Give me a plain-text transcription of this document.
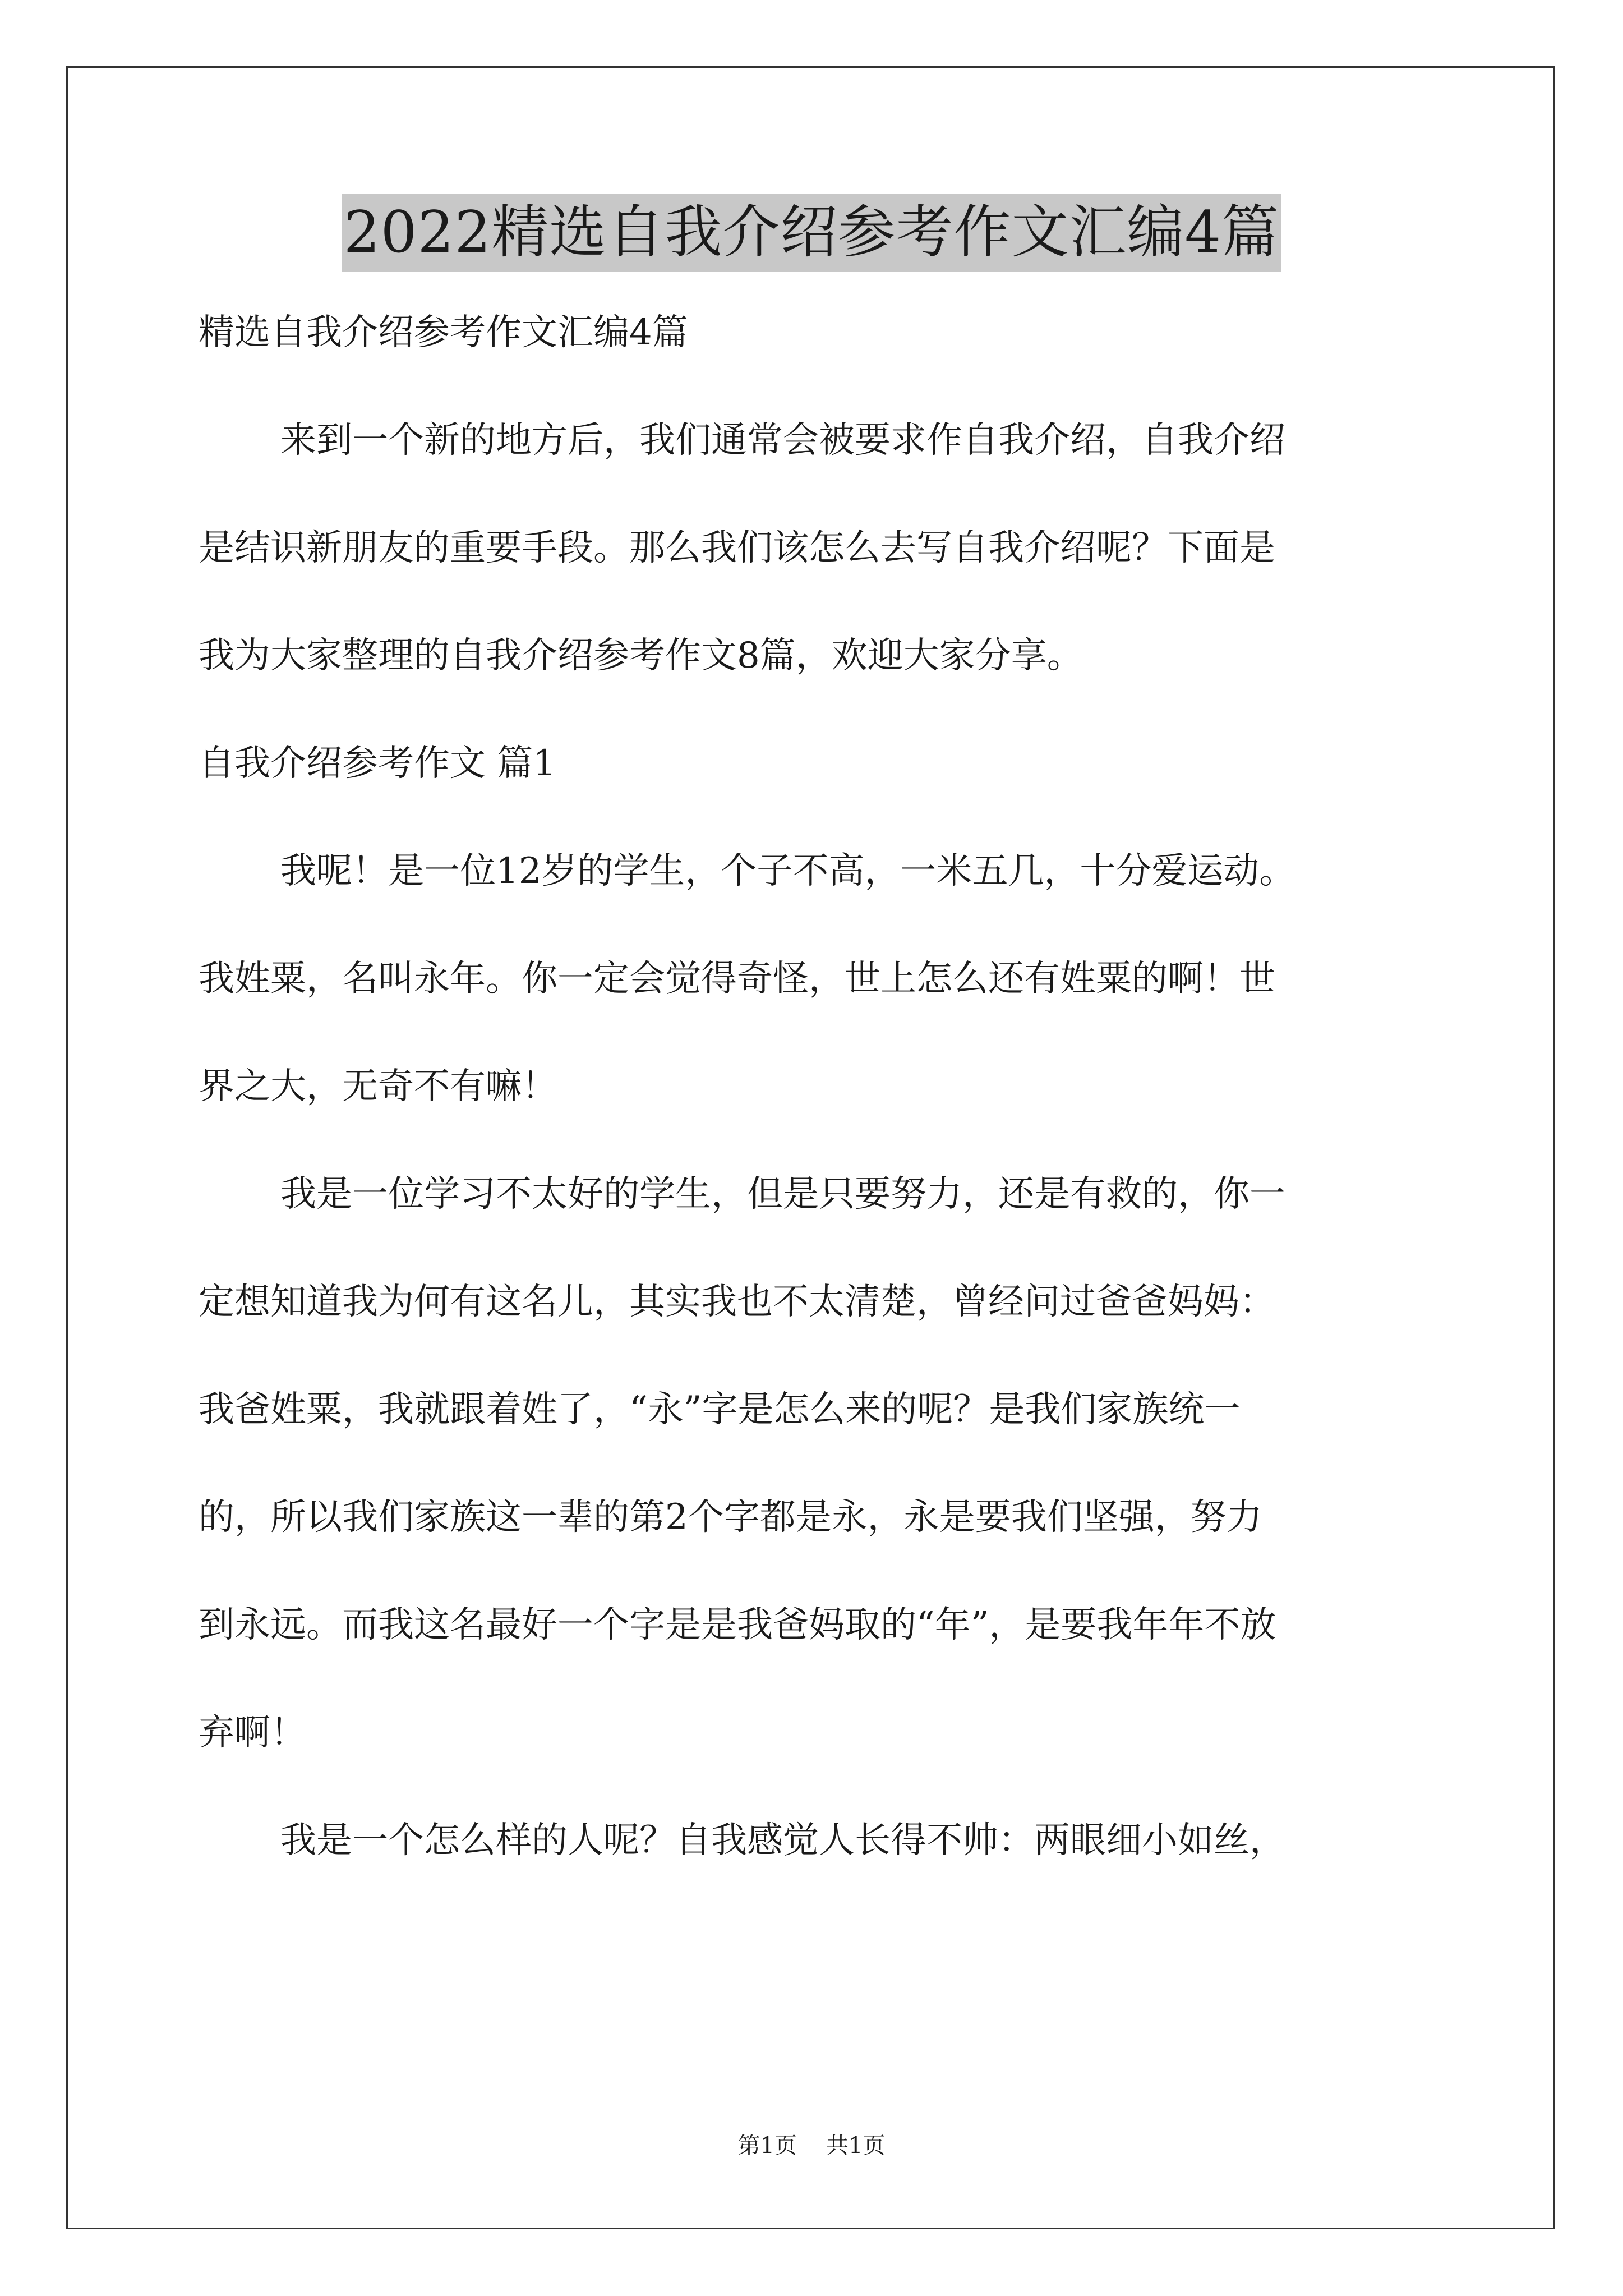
2022精选自我介绍参考作文汇编4篇

精选自我介绍参考作文汇编4篇

来到一个新的地方后，我们通常会被要求作自我介绍，自我介绍

是结识新朋友的重要手段。那么我们该怎么去写自我介绍呢？下面是

我为大家整理的自我介绍参考作文8篇，欢迎大家分享。

自我介绍参考作文 篇1

我呢！是一位12岁的学生，个子不高，一米五几，十分爱运动。

我姓粟，名叫永年。你一定会觉得奇怪，世上怎么还有姓粟的啊！世

界之大，无奇不有嘛！

我是一位学习不太好的学生，但是只要努力，还是有救的，你一

定想知道我为何有这名儿，其实我也不太清楚，曾经问过爸爸妈妈：

我爸姓粟，我就跟着姓了，“永”字是怎么来的呢？是我们家族统一

的，所以我们家族这一辈的第2个字都是永，永是要我们坚强，努力

到永远。而我这名最好一个字是是我爸妈取的“年”，是要我年年不放

弃啊！

我是一个怎么样的人呢？自我感觉人长得不帅：两眼细小如丝，

第1页 共1页
